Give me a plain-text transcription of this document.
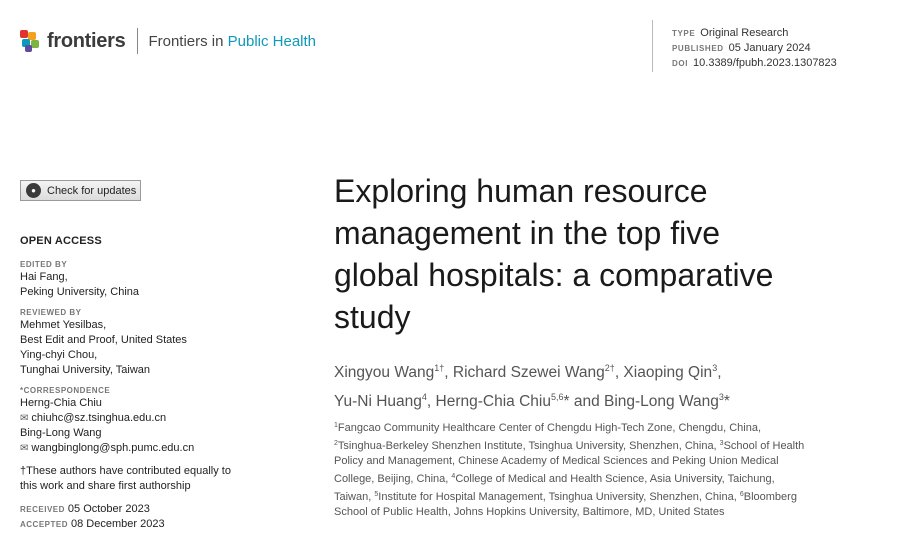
frontiers Frontiers in Public Health	TYPE Original Research
PUBLISHED 05 January 2024
DOI 10.3389/fpubh.2023.1307823
●	Check for updates
OPEN ACCESS
EDITED BY
Hai Fang,
Peking University, China
REVIEWED BY
Mehmet Yesilbas,
Best Edit and Proof, United States
Ying-chyi Chou,
Tunghai University, Taiwan
*CORRESPONDENCE
Herng-Chia Chiu
✉ chiuhc@sz.tsinghua.edu.cn
Bing-Long Wang
✉ wangbinglong@sph.pumc.edu.cn
†These authors have contributed equally to
this work and share first authorship
RECEIVED 05 October 2023
ACCEPTED 08 December 2023
Exploring human resource
management in the top five
global hospitals: a comparative
study
Xingyou Wang$^{1\dagger}$, Richard Szewei Wang$^{2\dagger}$, Xiaoping Qin$^3$,
Yu-Ni Huang$^4$, Herng-Chia Chiu$^{5,6}$* and Bing-Long Wang$^3$*
$^1$Fangcao Community Healthcare Center of Chengdu High-Tech Zone, Chengdu, China,
$^2$Tsinghua-Berkeley Shenzhen Institute, Tsinghua University, Shenzhen, China, $^3$School of Health
Policy and Management, Chinese Academy of Medical Sciences and Peking Union Medical
College, Beijing, China, $^4$College of Medical and Health Science, Asia University, Taichung,
Taiwan, $^5$Institute for Hospital Management, Tsinghua University, Shenzhen, China, $^6$Bloomberg
School of Public Health, Johns Hopkins University, Baltimore, MD, United States
